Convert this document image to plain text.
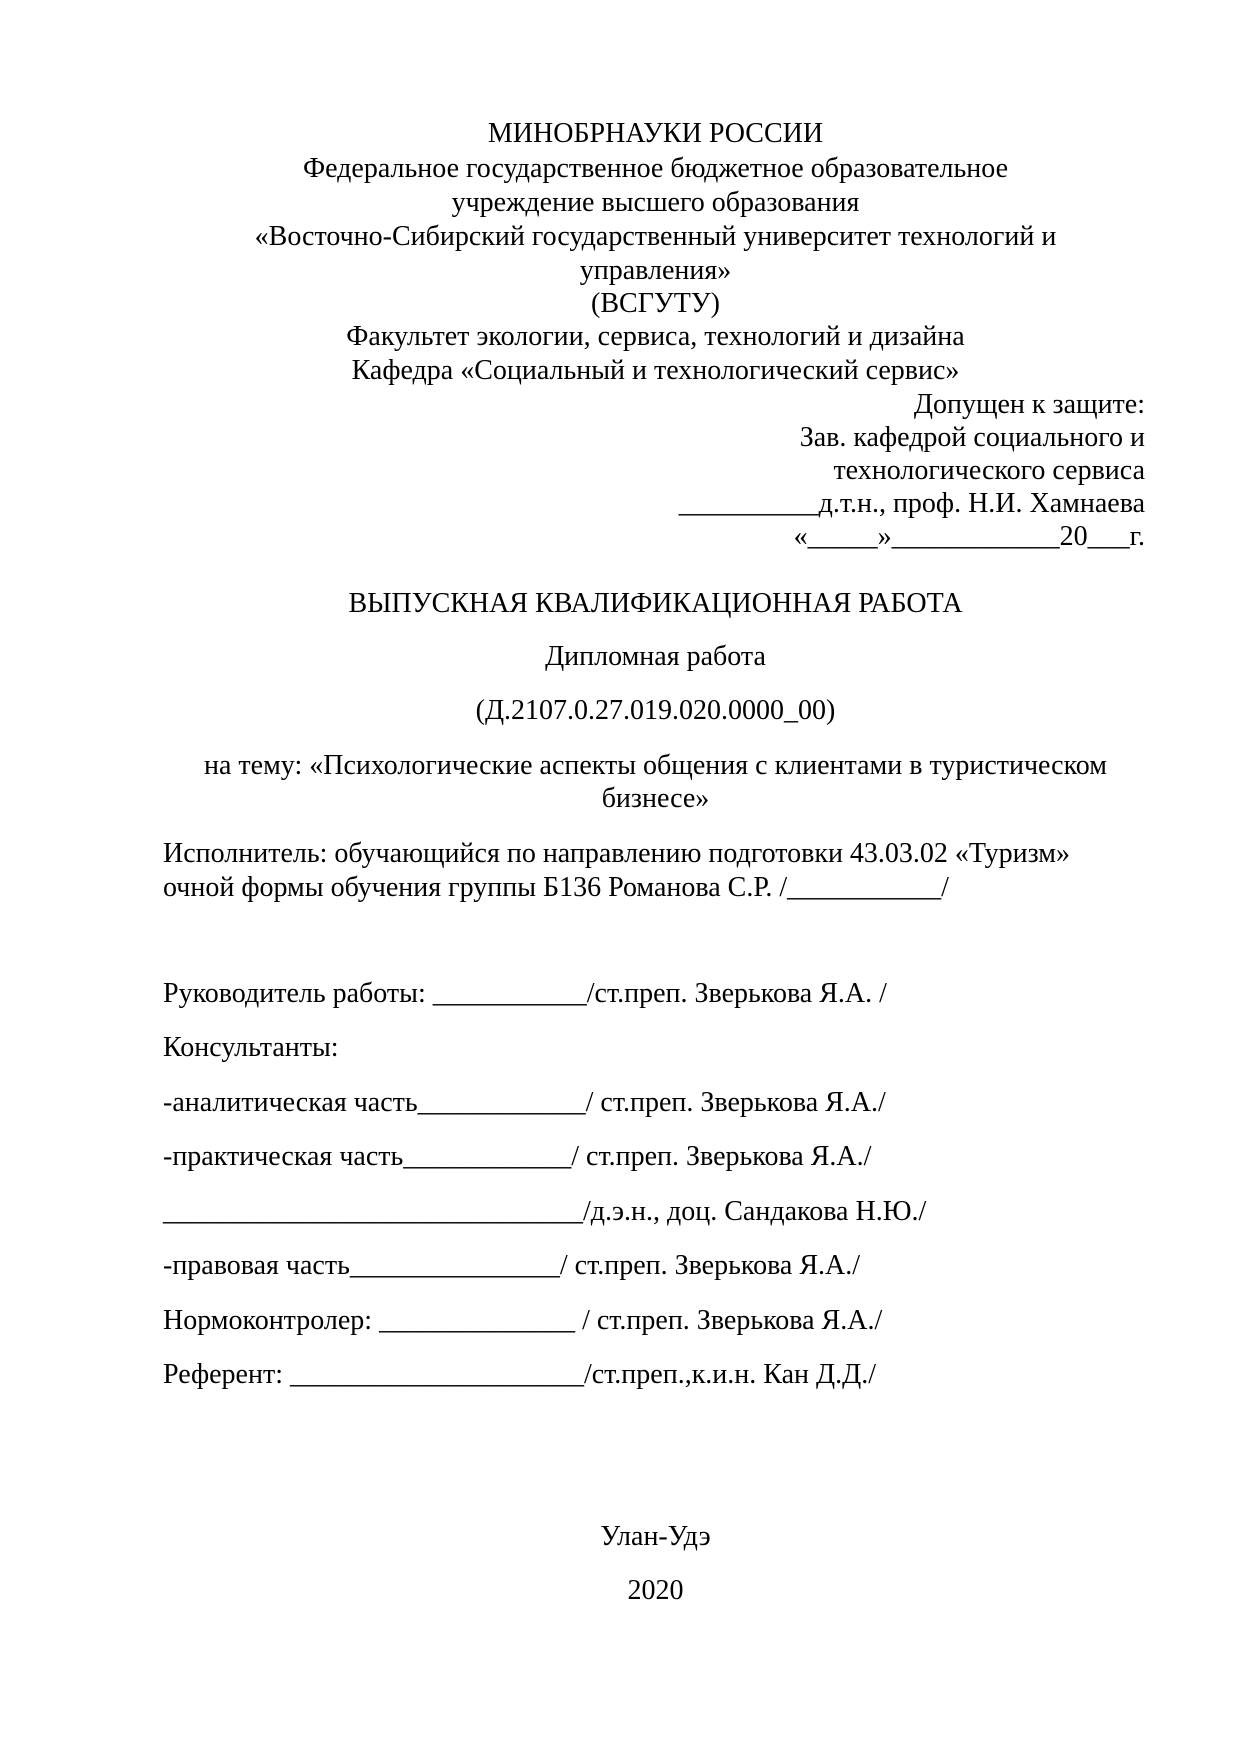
МИНОБРНАУКИ РОССИИ
Федеральное государственное бюджетное образовательное
учреждение высшего образования
«Восточно-Сибирский государственный университет технологий и
управления»
(ВСГУТУ)
Факультет экологии, сервиса, технологий и дизайна
Кафедра «Социальный и технологический сервис»
Допущен к защите:
Зав. кафедрой социального и
технологического сервиса
__________д.т.н., проф. Н.И. Хамнаева
«_____»____________20___г.
ВЫПУСКНАЯ КВАЛИФИКАЦИОННАЯ РАБОТА
Дипломная работа
(Д.2107.0.27.019.020.0000_00)
на тему: «Психологические аспекты общения с клиентами в туристическом
бизнесе»
Исполнитель: обучающийся по направлению подготовки 43.03.02 «Туризм»
очной формы обучения группы Б136 Романова С.Р. /___________/
Руководитель работы: ___________/ст.преп. Зверькова Я.А. /
Консультанты:
-аналитическая часть____________/ ст.преп. Зверькова Я.А./
-практическая часть____________/ ст.преп. Зверькова Я.А./
______________________________/д.э.н., доц. Сандакова Н.Ю./
-правовая часть_______________/ ст.преп. Зверькова Я.А./
Нормоконтролер: ______________ / ст.преп. Зверькова Я.А./
Референт: _____________________/ст.преп.,к.и.н. Кан Д.Д./
Улан-Удэ
2020
